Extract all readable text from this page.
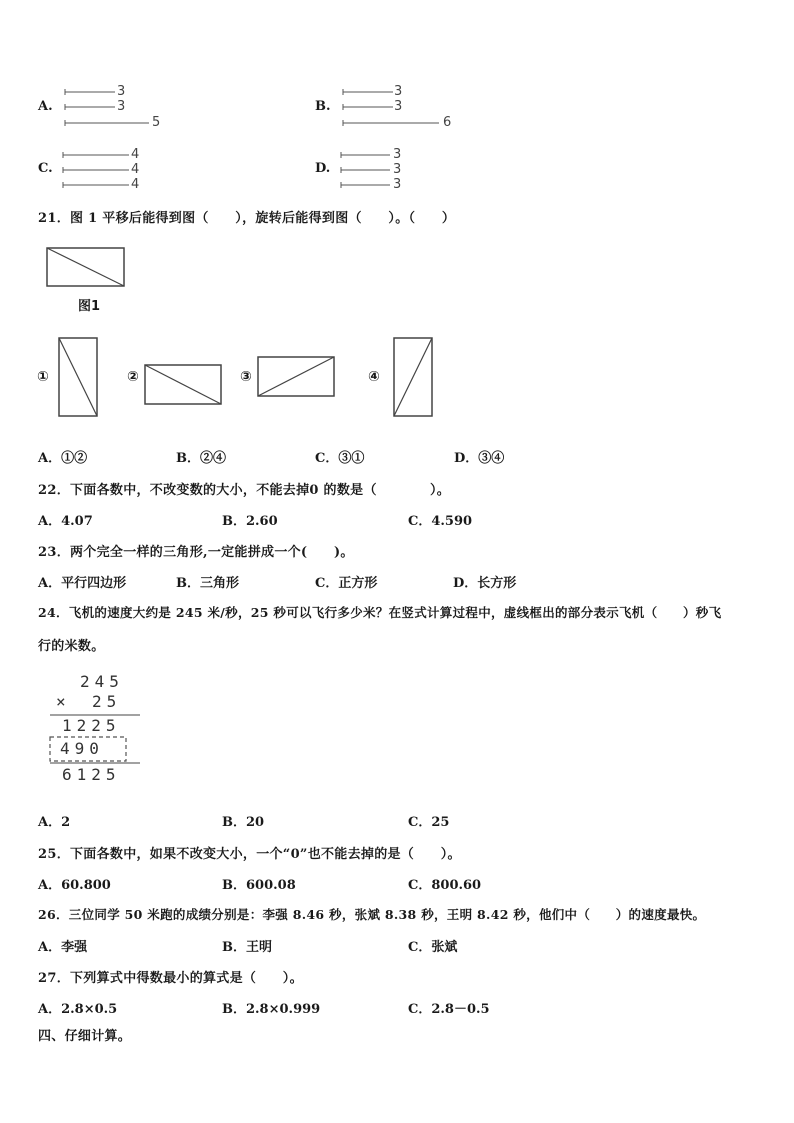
A.
3
3
5
B.
3
3
6
C.
4
4
4
D.
3
3
3
21．图 1 平移后能得到图（　　），旋转后能得到图（　　）。（　　）
图1
①	②	③	④
A．①②	B．②④	C．③①	D．③④
22．下面各数中，不改变数的大小，不能去掉0 的数是（　　　　）。
A．4.07	B．2.60	C．4.590
23．两个完全一样的三角形,一定能拼成一个(　　)。
A．平行四边形	B．三角形	C．正方形	D．长方形
24．飞机的速度大约是 245 米/秒，25 秒可以飞行多少米？在竖式计算过程中，虚线框出的部分表示飞机（　　）秒飞
行的米数。
245
× 25
1225
490
6125
A．2	B．20	C．25
25．下面各数中，如果不改变大小，一个“0”也不能去掉的是（　　）。
A．60.800	B．600.08	C．800.60
26．三位同学 50 米跑的成绩分别是：李强 8.46 秒，张斌 8.38 秒，王明 8.42 秒，他们中（　　）的速度最快。
A．李强	B．王明	C．张斌
27．下列算式中得数最小的算式是（　　）。
A．2.8×0.5	B．2.8×0.999	C．2.8－0.5
四、仔细计算。
